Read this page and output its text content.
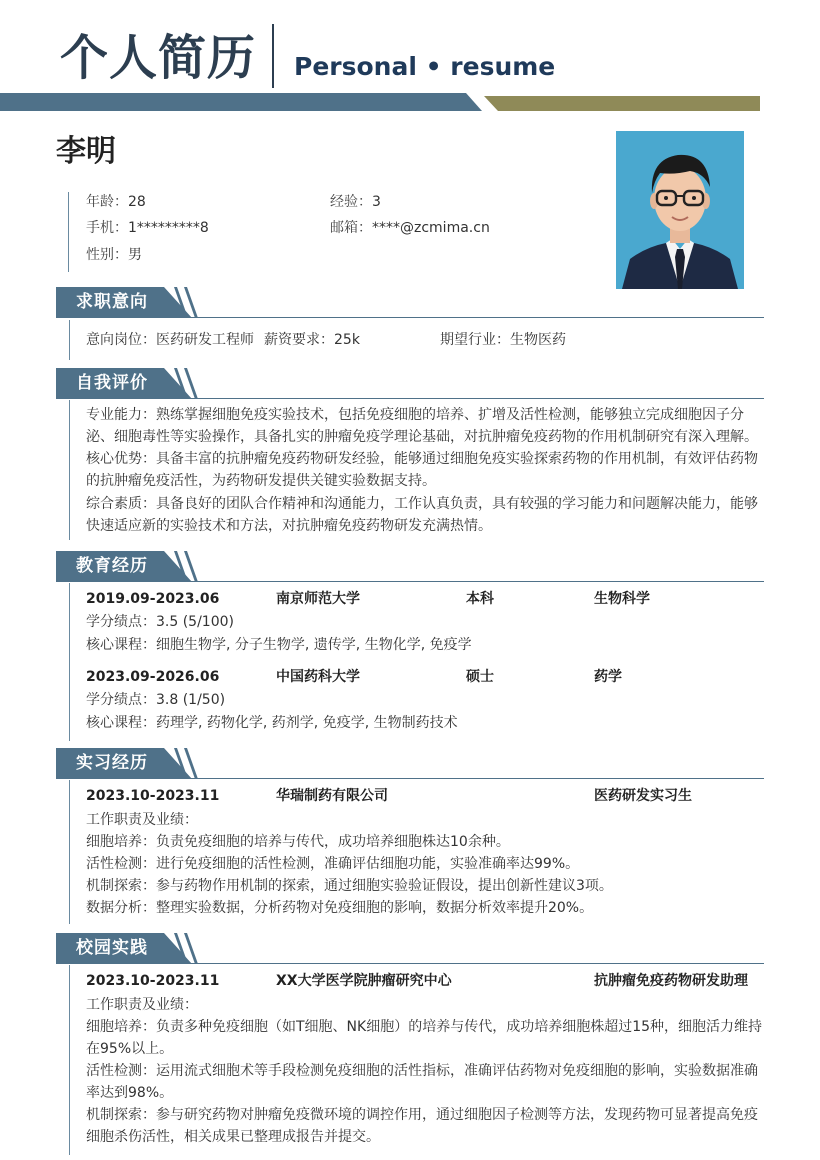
个人简历 Personal • resume
李明
年龄：28	经验：3
手机：1*********8	邮箱：****@zcmima.cn
性别：男
求职意向
意向岗位：医药研发工程师 薪资要求：25k	期望行业：生物医药
自我评价
专业能力：熟练掌握细胞免疫实验技术，包括免疫细胞的培养、扩增及活性检测，能够独立完成细胞因子分泌、细胞毒性等实验操作，具备扎实的肿瘤免疫学理论基础，对抗肿瘤免疫药物的作用机制研究有深入理解。
核心优势：具备丰富的抗肿瘤免疫药物研发经验，能够通过细胞免疫实验探索药物的作用机制，有效评估药物的抗肿瘤免疫活性，为药物研发提供关键实验数据支持。
综合素质：具备良好的团队合作精神和沟通能力，工作认真负责，具有较强的学习能力和问题解决能力，能够快速适应新的实验技术和方法，对抗肿瘤免疫药物研发充满热情。
教育经历
2019.09-2023.06	南京师范大学	本科	生物科学
学分绩点：3.5 (5/100)
核心课程：细胞生物学, 分子生物学, 遗传学, 生物化学, 免疫学
2023.09-2026.06	中国药科大学	硕士	药学
学分绩点：3.8 (1/50)
核心课程：药理学, 药物化学, 药剂学, 免疫学, 生物制药技术
实习经历
2023.10-2023.11	华瑞制药有限公司	医药研发实习生
工作职责及业绩：
细胞培养：负责免疫细胞的培养与传代，成功培养细胞株达10余种。
活性检测：进行免疫细胞的活性检测，准确评估细胞功能，实验准确率达99%。
机制探索：参与药物作用机制的探索，通过细胞实验验证假设，提出创新性建议3项。
数据分析：整理实验数据，分析药物对免疫细胞的影响，数据分析效率提升20%。
校园实践
2023.10-2023.11	XX大学医学院肿瘤研究中心	抗肿瘤免疫药物研发助理
工作职责及业绩：
细胞培养：负责多种免疫细胞（如T细胞、NK细胞）的培养与传代，成功培养细胞株超过15种，细胞活力维持在95%以上。
活性检测：运用流式细胞术等手段检测免疫细胞的活性指标，准确评估药物对免疫细胞的影响，实验数据准确率达到98%。
机制探索：参与研究药物对肿瘤免疫微环境的调控作用，通过细胞因子检测等方法，发现药物可显著提高免疫细胞杀伤活性，相关成果已整理成报告并提交。
